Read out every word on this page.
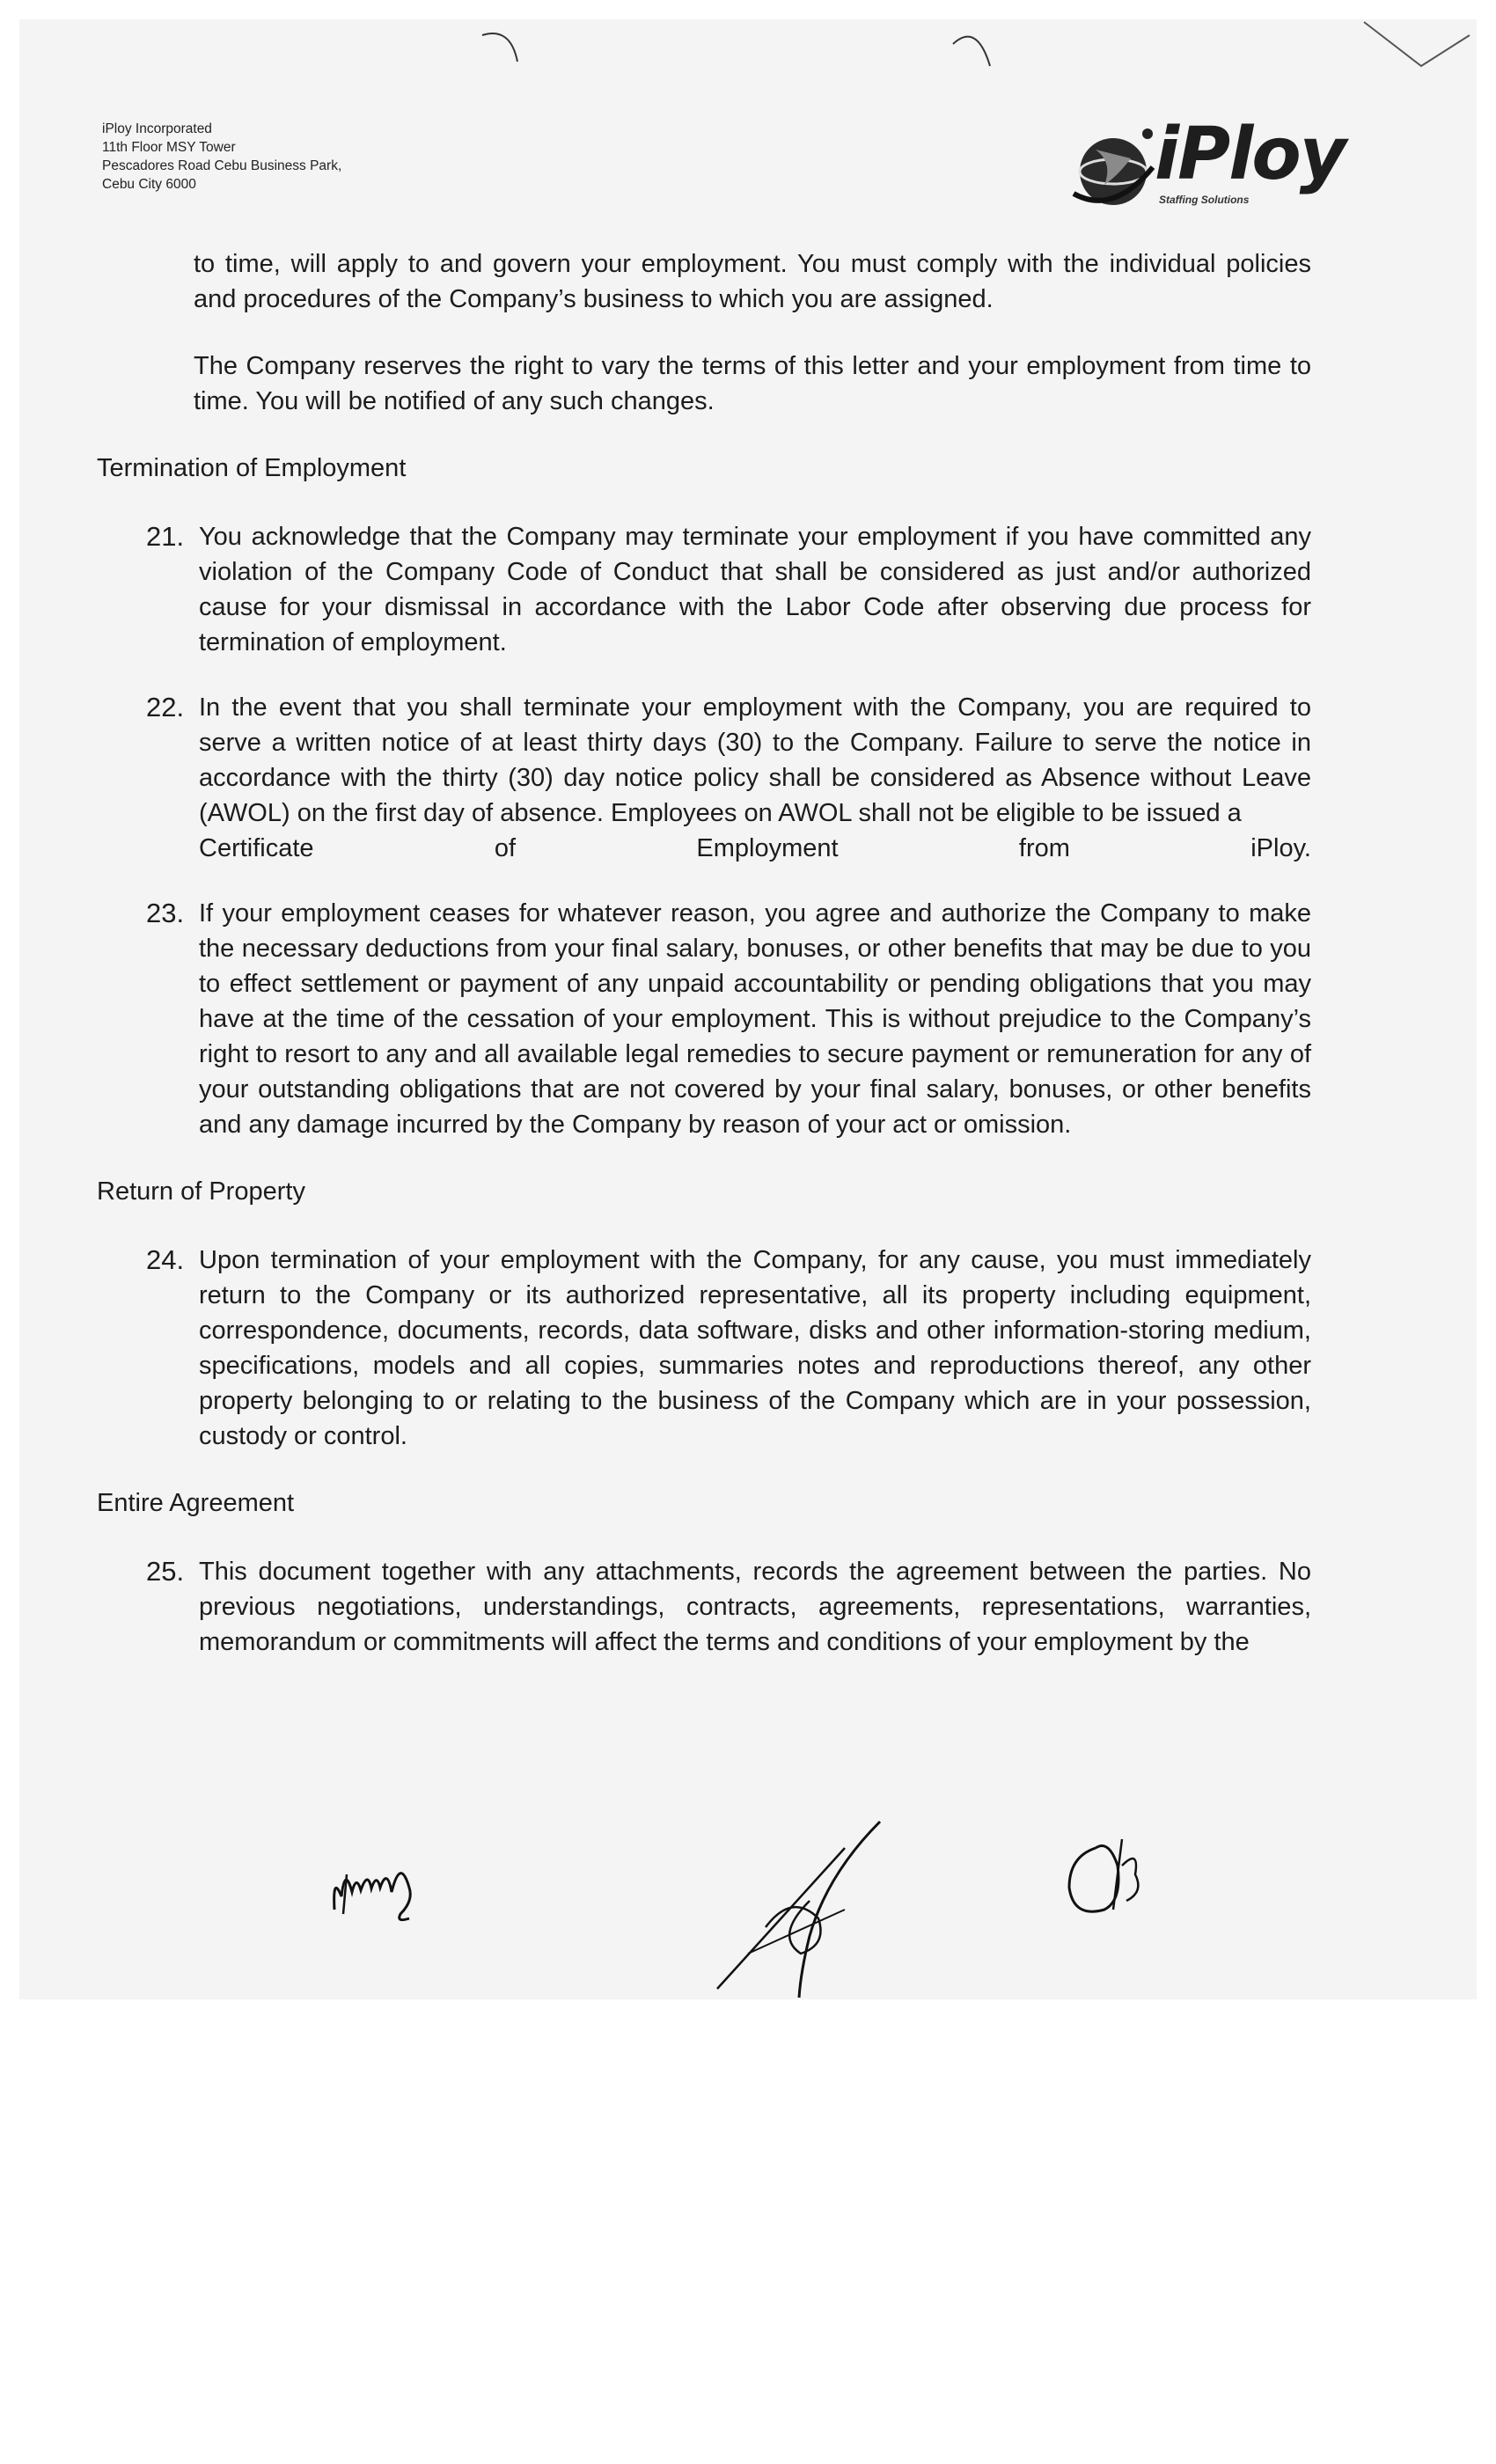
iPloy Incorporated
11th Floor MSY Tower
Pescadores Road Cebu Business Park,
Cebu City 6000	iPloy
Staffing Solutions
to time, will apply to and govern your employment. You must comply with the individual policies and procedures of the Company’s business to which you are assigned.
The Company reserves the right to vary the terms of this letter and your employment from time to time. You will be notified of any such changes.
Termination of Employment
21. You acknowledge that the Company may terminate your employment if you have committed any violation of the Company Code of Conduct that shall be considered as just and/or authorized cause for your dismissal in accordance with the Labor Code after observing due process for termination of employment.
22. In the event that you shall terminate your employment with the Company, you are required to serve a written notice of at least thirty days (30) to the Company. Failure to serve the notice in accordance with the thirty (30) day notice policy shall be considered as Absence without Leave (AWOL) on the first day of absence. Employees on AWOL shall not be eligible to be issued a
Certificate	of	Employment	from	iPloy.
23. If your employment ceases for whatever reason, you agree and authorize the Company to make the necessary deductions from your final salary, bonuses, or other benefits that may be due to you to effect settlement or payment of any unpaid accountability or pending obligations that you may have at the time of the cessation of your employment. This is without prejudice to the Company’s right to resort to any and all available legal remedies to secure payment or remuneration for any of your outstanding obligations that are not covered by your final salary, bonuses, or other benefits and any damage incurred by the Company by reason of your act or omission.
Return of Property
24. Upon termination of your employment with the Company, for any cause, you must immediately return to the Company or its authorized representative, all its property including equipment, correspondence, documents, records, data software, disks and other information-storing medium, specifications, models and all copies, summaries notes and reproductions thereof, any other property belonging to or relating to the business of the Company which are in your possession, custody or control.
Entire Agreement
25. This document together with any attachments, records the agreement between the parties. No previous negotiations, understandings, contracts, agreements, representations, warranties, memorandum or commitments will affect the terms and conditions of your employment by the
